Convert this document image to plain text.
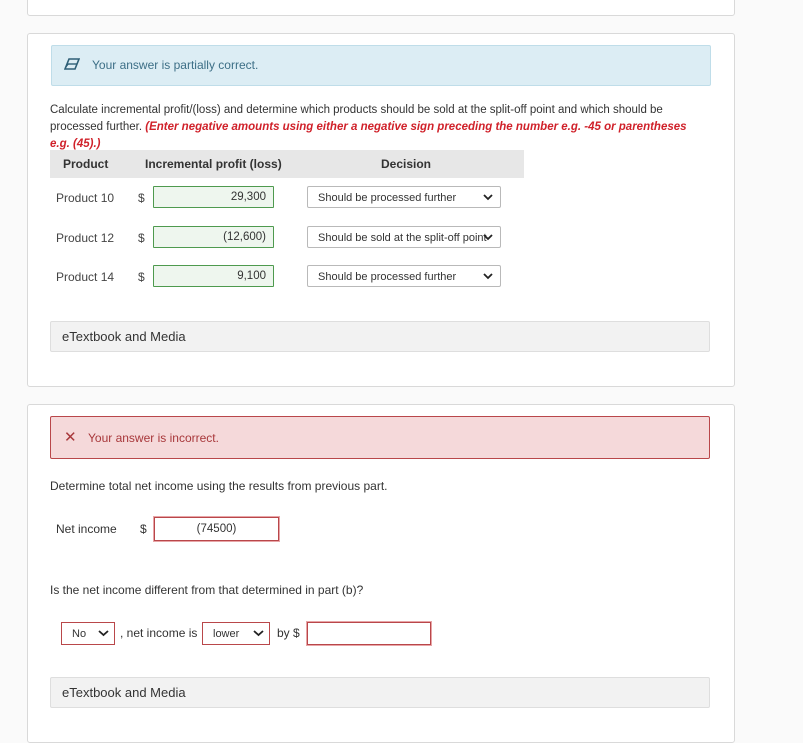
Your answer is partially correct.
Calculate incremental profit/(loss) and determine which products should be sold at the split-off point and which should be processed further. (Enter negative amounts using either a negative sign preceding the number e.g. -45 or parentheses e.g. (45).)
Product	Incremental profit (loss)	Decision
Product 10 $	29,300	Should be processed further
Product 12 $	(12,600)	Should be sold at the split-off point
Product 14 $	9,100	Should be processed further
eTextbook and Media
✕ Your answer is incorrect.
Determine total net income using the results from previous part.
Net income $	(74500)
Is the net income different from that determined in part (b)?
No	, net income is	lower	by $
eTextbook and Media
